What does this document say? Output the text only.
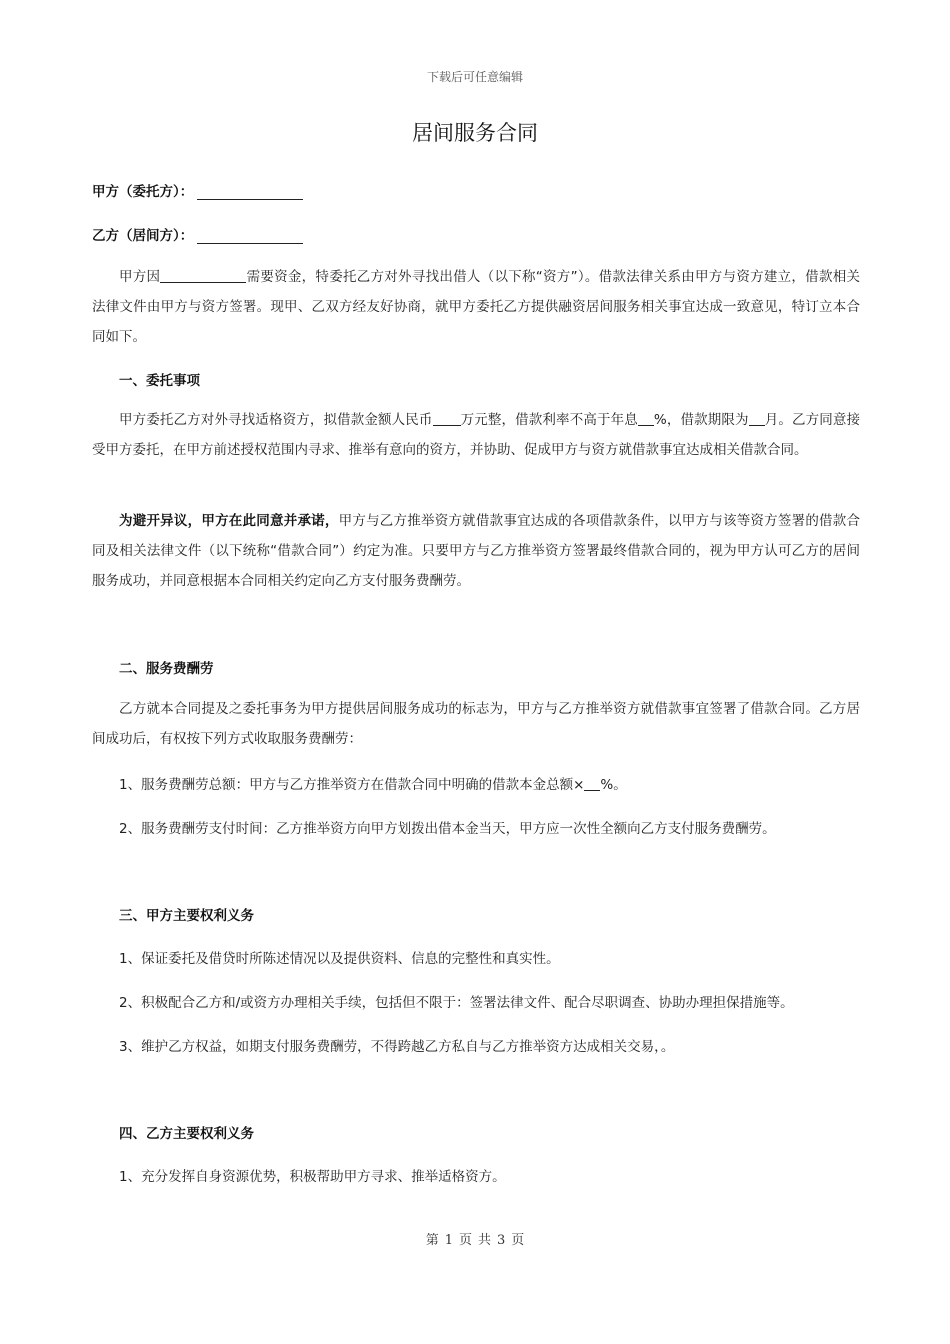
下载后可任意编辑
居间服务合同
甲方（委托方）：
乙方（居间方）：

甲方因	需要资金，特委托乙方对外寻找出借人（以下称“资方”）。借款法律关系由甲方与资方建立，借款相关法律文件由甲方与资方签署。现甲、乙双方经友好协商，就甲方委托乙方提供融资居间服务相关事宜达成一致意见，特订立本合同如下。

一、委托事项

甲方委托乙方对外寻找适格资方，拟借款金额人民币 万元整，借款利率不高于年息 %，借款期限为 月。乙方同意接受甲方委托，在甲方前述授权范围内寻求、推举有意向的资方，并协助、促成甲方与资方就借款事宜达成相关借款合同。

为避开异议，甲方在此同意并承诺，甲方与乙方推举资方就借款事宜达成的各项借款条件，以甲方与该等资方签署的借款合同及相关法律文件（以下统称“借款合同”）约定为准。只要甲方与乙方推举资方签署最终借款合同的，视为甲方认可乙方的居间服务成功，并同意根据本合同相关约定向乙方支付服务费酬劳。

二、服务费酬劳

乙方就本合同提及之委托事务为甲方提供居间服务成功的标志为，甲方与乙方推举资方就借款事宜签署了借款合同。乙方居间成功后，有权按下列方式收取服务费酬劳：

1、服务费酬劳总额：甲方与乙方推举资方在借款合同中明确的借款本金总额× %。
2、服务费酬劳支付时间：乙方推举资方向甲方划拨出借本金当天，甲方应一次性全额向乙方支付服务费酬劳。
三、甲方主要权利义务
1、保证委托及借贷时所陈述情况以及提供资料、信息的完整性和真实性。
2、积极配合乙方和/或资方办理相关手续，包括但不限于：签署法律文件、配合尽职调查、协助办理担保措施等。
3、维护乙方权益，如期支付服务费酬劳，不得跨越乙方私自与乙方推举资方达成相关交易，。
四、乙方主要权利义务
1、充分发挥自身资源优势，积极帮助甲方寻求、推举适格资方。
第 1 页 共 3 页
